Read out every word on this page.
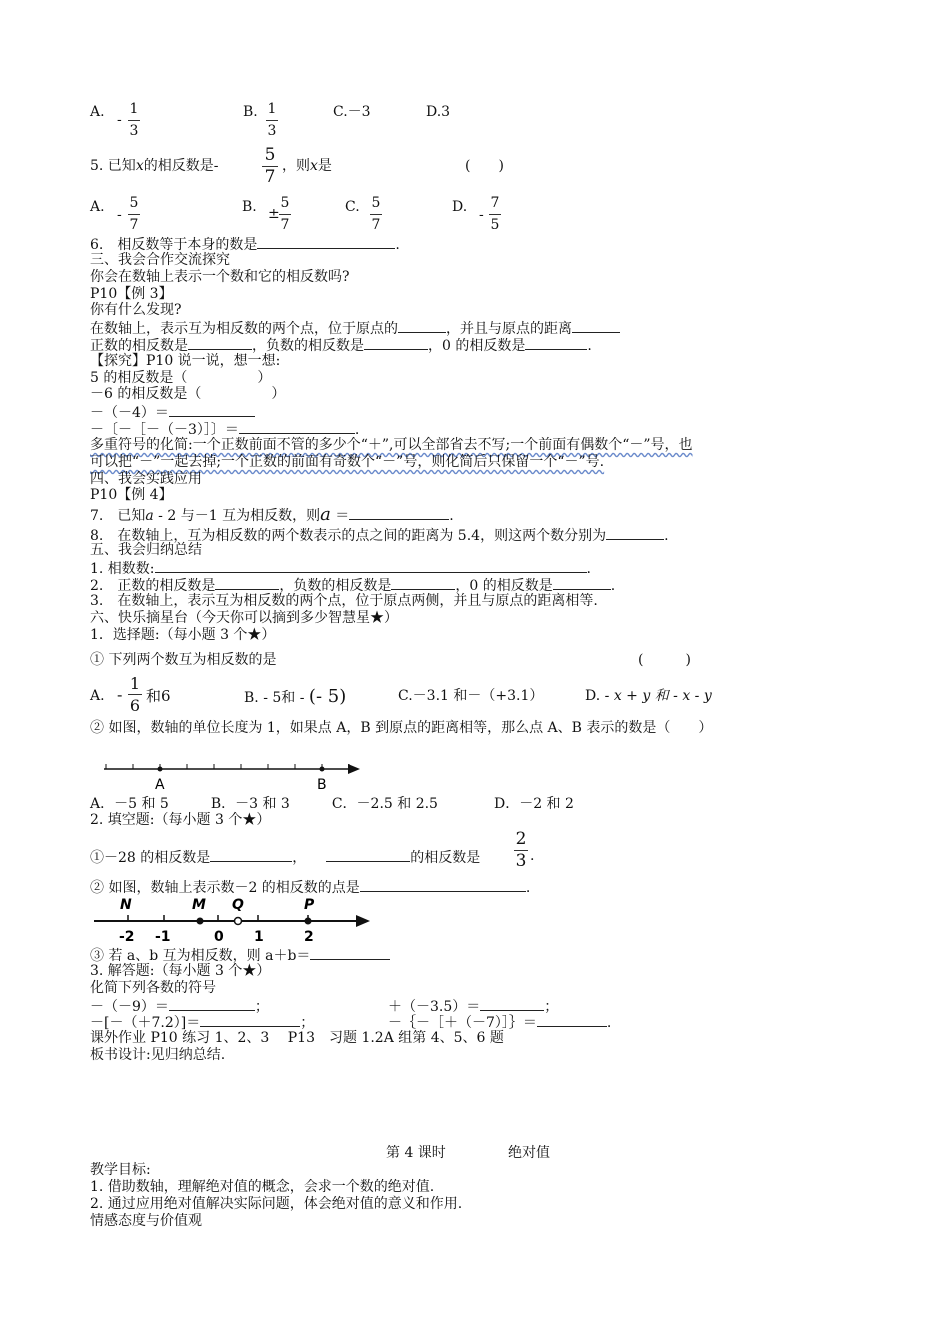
A. -
1
3
B. 1
3
C.－3	D.3
5. 已知x的相反数是-
5
7
，则x是	(　　)
A. -
5
7
B. ±
5
7
C. 5
7
D. -
7
5
6.　相反数等于本身的数是	.
三、我会合作交流探究
你会在数轴上表示一个数和它的相反数吗?
P10【例 3】
你有什么发现?
在数轴上，表示互为相反数的两个点，位于原点的	，并且与原点的距离
正数的相反数是	，负数的相反数是	，0 的相反数是	.
【探究】P10 说一说，想一想:
5 的相反数是（　　　　　）
－6 的相反数是（　　　　　）
－（－4）＝
－〔－［－（－3）］〕＝	.
多重符号的化简:一个正数前面不管的多少个“＋”,可以全部省去不写;一个前面有偶数个“－”号，也
可以把“－”一起去掉;一个正数的前面有奇数个“－”号，则化简后只保留一个“－”号.
四、我会实践应用
P10【例 4】
7.　已知a - 2 与－1 互为相反数，则a ＝	.
8.　在数轴上，互为相反数的两个数表示的点之间的距离为 5.4，则这两个数分别为	.
五、我会归纳总结
1. 相数数:	.
2.　正数的相反数是	，负数的相反数是	，0 的相反数是	.
3.　在数轴上，表示互为相反数的两个点，位于原点两侧，并且与原点的距离相等.
六、快乐摘星台（今天你可以摘到多少智慧星★）
1．选择题:（每小题 3 个★）
① 下列两个数互为相反数的是	(　　　)
A. -
1
6 和6	B. - 5和 - (- 5)	C.－3.1 和－（+3.1）	D. - x + y 和 - x - y
② 如图，数轴的单位长度为 1，如果点 A，B 到原点的距离相等，那么点 A、B 表示的数是（　　）
A	B
A．－5 和 5　　　B．－3 和 3　　　C．－2.5 和 2.5　　　　D．－2 和 2
2. 填空题:（每小题 3 个★）
①－28 的相反数是	，	的相反数是
2
3 .
② 如图，数轴上表示数－2 的相反数的点是	.
-2 -1	0 1	2
N	M Q	P
③ 若 a、b 互为相反数，则 a＋b＝
3. 解答题:（每小题 3 个★）
化简下列各数的符号
－（－9）＝	；	＋（－3.5）＝	；
－[－（＋7.2）]＝	；	－｛－［＋（－7）］｝＝	.
课外作业 P10 练习 1、2、3　 P13　习题 1.2A 组第 4、5、6 题
板书设计:见归纳总结.
第 4 课时	绝对值
教学目标:
1. 借助数轴，理解绝对值的概念，会求一个数的绝对值.
2. 通过应用绝对值解决实际问题，体会绝对值的意义和作用.
情感态度与价值观
